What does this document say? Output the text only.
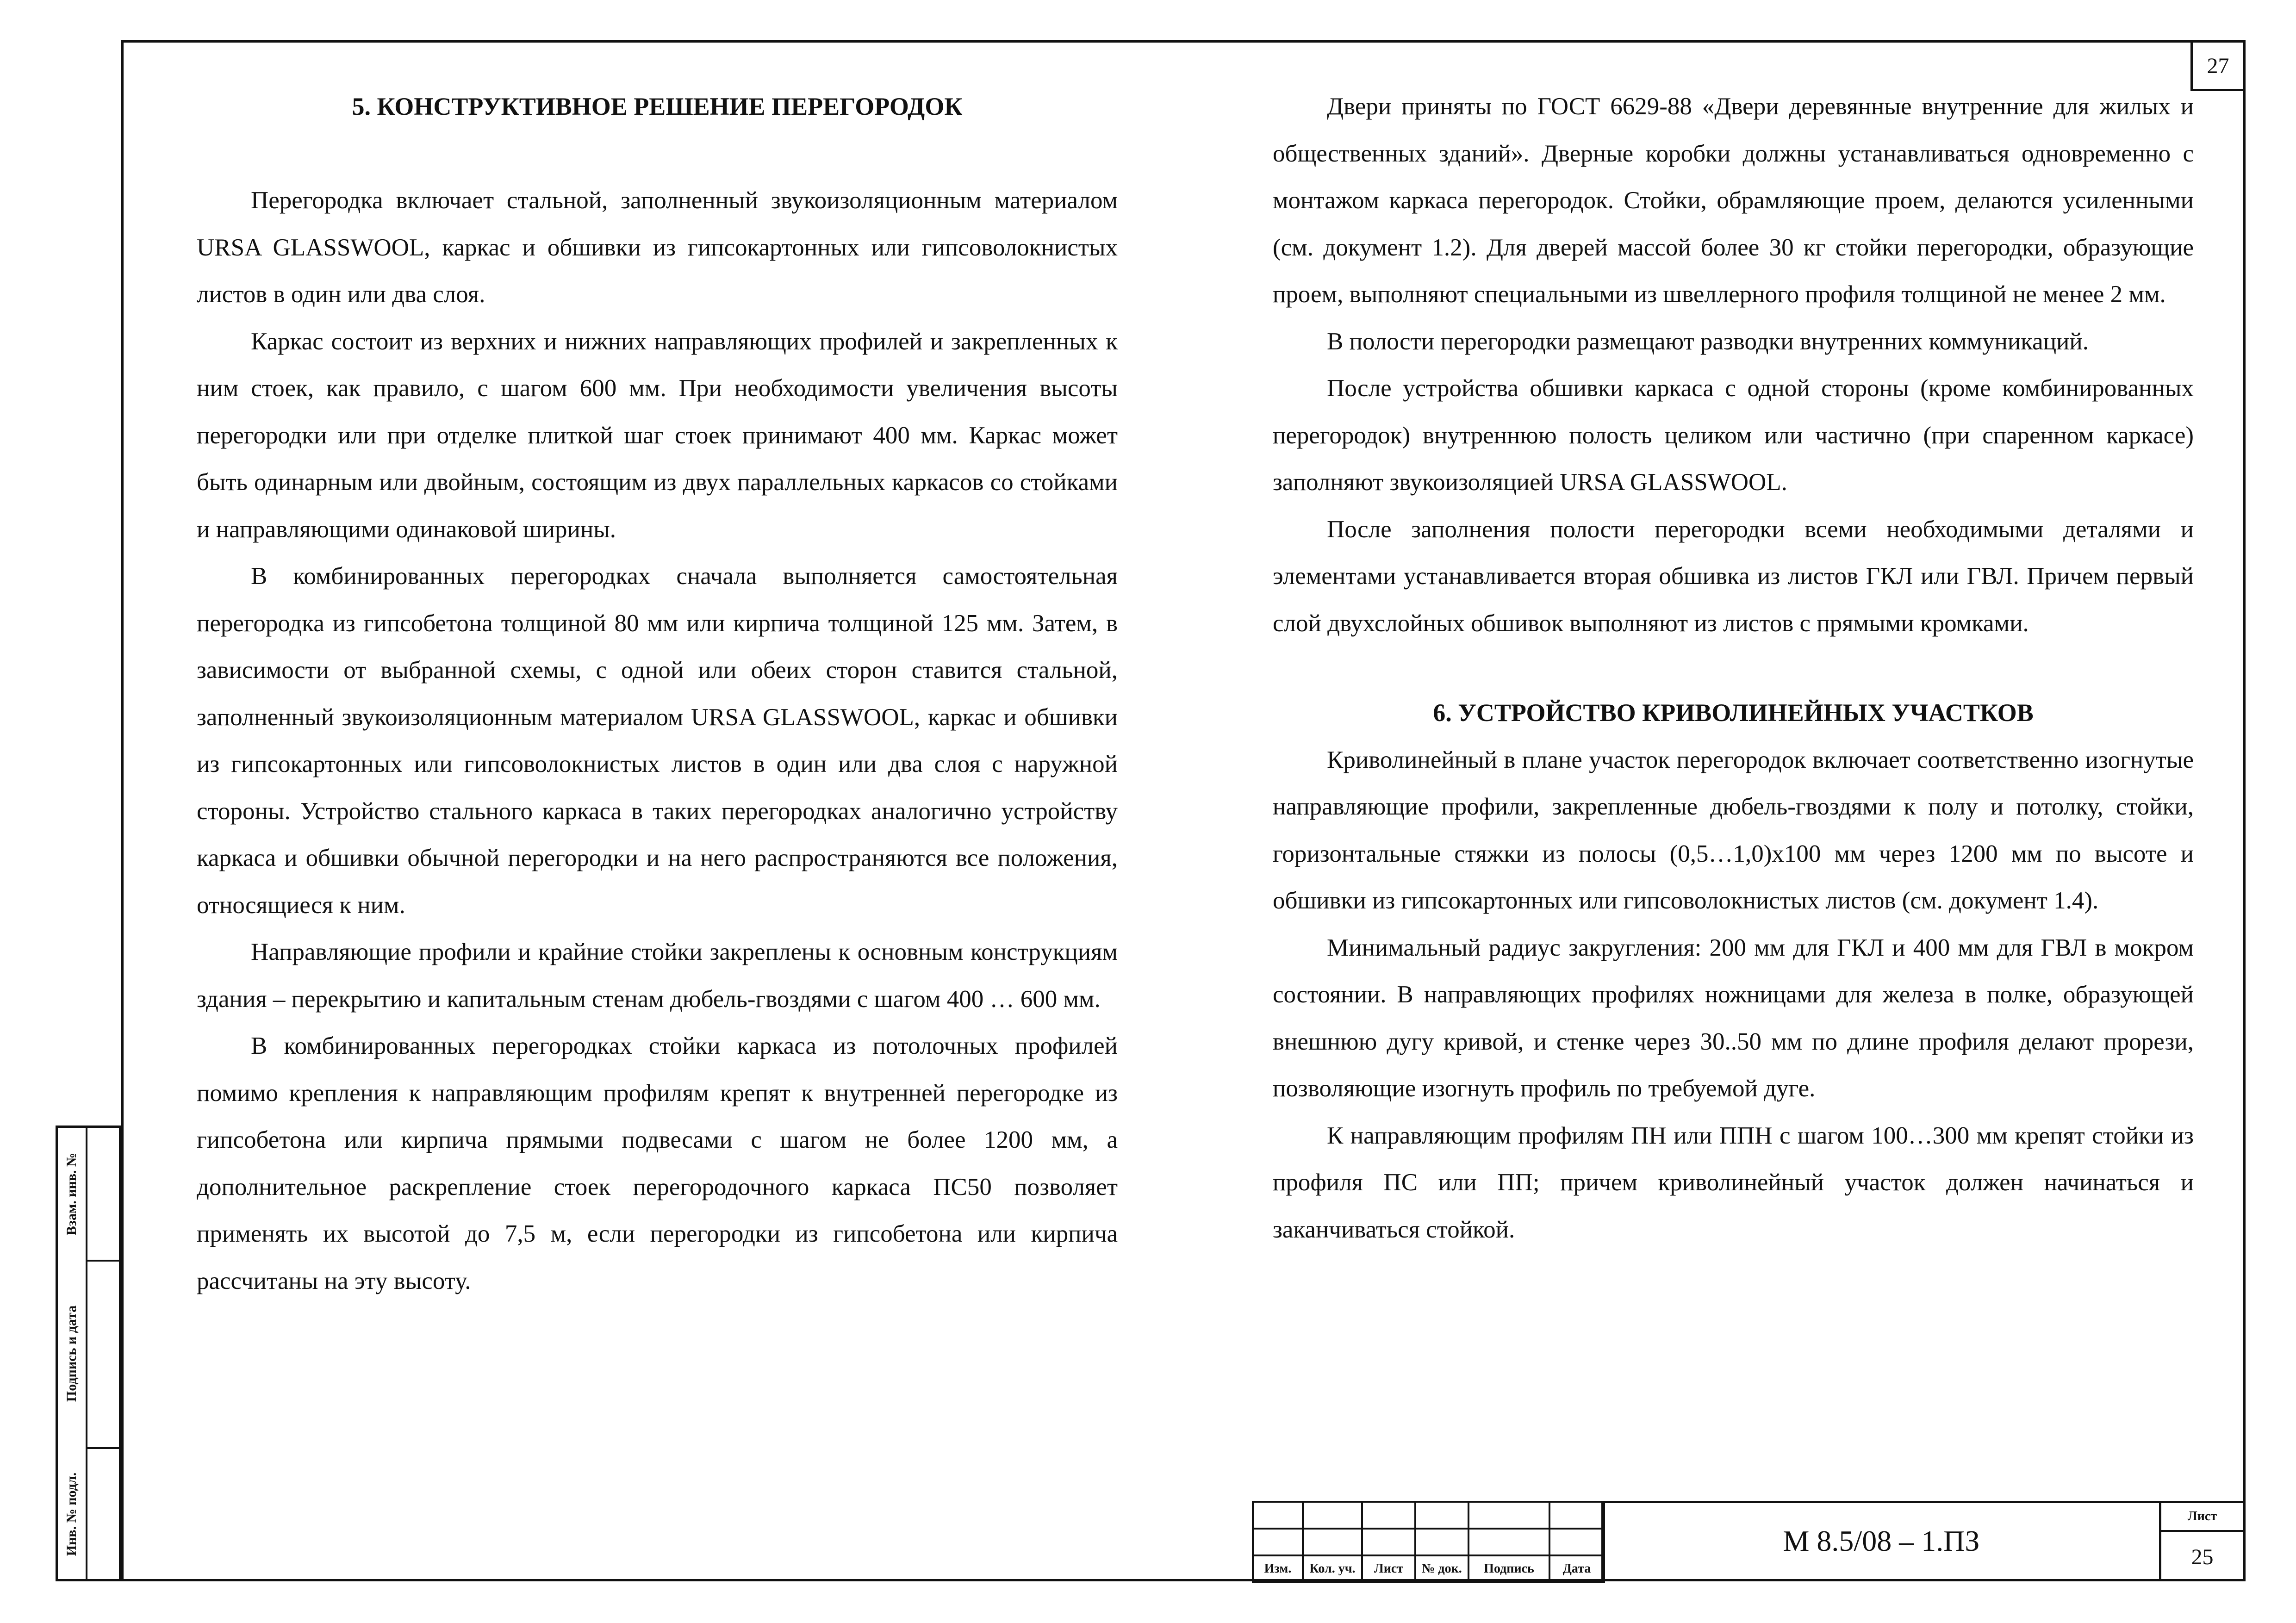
27
5. КОНСТРУКТИВНОЕ РЕШЕНИЕ ПЕРЕГОРОДОК

Перегородка включает стальной, заполненный звукоизоляционным материалом URSA GLASSWOOL, каркас и обшивки из гипсокартонных или гипсоволокнистых листов в один или два слоя.

Каркас состоит из верхних и нижних направляющих профилей и закрепленных к ним стоек, как правило, с шагом 600 мм. При необходимости увеличения высоты перегородки или при отделке плиткой шаг стоек принимают 400 мм. Каркас может быть одинарным или двойным, состоящим из двух параллельных каркасов со стойками и направляющими одинаковой ширины.

В комбинированных перегородках сначала выполняется самостоятельная перегородка из гипсобетона толщиной 80 мм или кирпича толщиной 125 мм. Затем, в зависимости от выбранной схемы, с одной или обеих сторон ставится стальной, заполненный звукоизоляционным материалом URSA GLASSWOOL, каркас и обшивки из гипсокартонных или гипсоволокнистых листов в один или два слоя с наружной стороны. Устройство стального каркаса в таких перегородках аналогично устройству каркаса и обшивки обычной перегородки и на него распространяются все положения, относящиеся к ним.

Направляющие профили и крайние стойки закреплены к основным конструкциям здания – перекрытию и капитальным стенам дюбель-гвоздями с шагом 400 … 600 мм.

В комбинированных перегородках стойки каркаса из потолочных профилей помимо крепления к направляющим профилям крепят к внутренней перегородке из гипсобетона или кирпича прямыми подвесами с шагом не более 1200 мм, а дополнительное раскрепление стоек перегородочного каркаса ПС50 позволяет применять их высотой до 7,5 м, если перегородки из гипсобетона или кирпича рассчитаны на эту высоту.

Двери приняты по ГОСТ 6629-88 «Двери деревянные внутренние для жилых и общественных зданий». Дверные коробки должны устанавливаться одновременно с монтажом каркаса перегородок. Стойки, обрамляющие проем, делаются усиленными (см. документ 1.2). Для дверей массой более 30 кг стойки перегородки, образующие проем, выполняют специальными из швеллерного профиля толщиной не менее 2 мм.

В полости перегородки размещают разводки внутренних коммуникаций.

После устройства обшивки каркаса с одной стороны (кроме комбинированных перегородок) внутреннюю полость целиком или частично (при спаренном каркасе) заполняют звукоизоляцией URSA GLASSWOOL.

После заполнения полости перегородки всеми необходимыми деталями и элементами устанавливается вторая обшивка из листов ГКЛ или ГВЛ. Причем первый слой двухслойных обшивок выполняют из листов с прямыми кромками.

6. УСТРОЙСТВО КРИВОЛИНЕЙНЫХ УЧАСТКОВ

Криволинейный в плане участок перегородок включает соответственно изогнутые направляющие профили, закрепленные дюбель-гвоздями к полу и потолку, стойки, горизонтальные стяжки из полосы (0,5…1,0)х100 мм через 1200 мм по высоте и обшивки из гипсокартонных или гипсоволокнистых листов (см. документ 1.4).

Минимальный радиус закругления: 200 мм для ГКЛ и 400 мм для ГВЛ в мокром состоянии. В направляющих профилях ножницами для железа в полке, образующей внешнюю дугу кривой, и стенке через 30..50 мм по длине профиля делают прорези, позволяющие изогнуть профиль по требуемой дуге.

К направляющим профилям ПН или ППН с шагом 100…300 мм крепят стойки из профиля ПС или ПП; причем криволинейный участок должен начинаться и заканчиваться стойкой.

Взам. инв. №
Подпись и дата
Инв. № подл.

Изм.	Кол. уч.	Лист	№ док.	Подпись	Дата
М 8.5/08 – 1.ПЗ
Лист
25
